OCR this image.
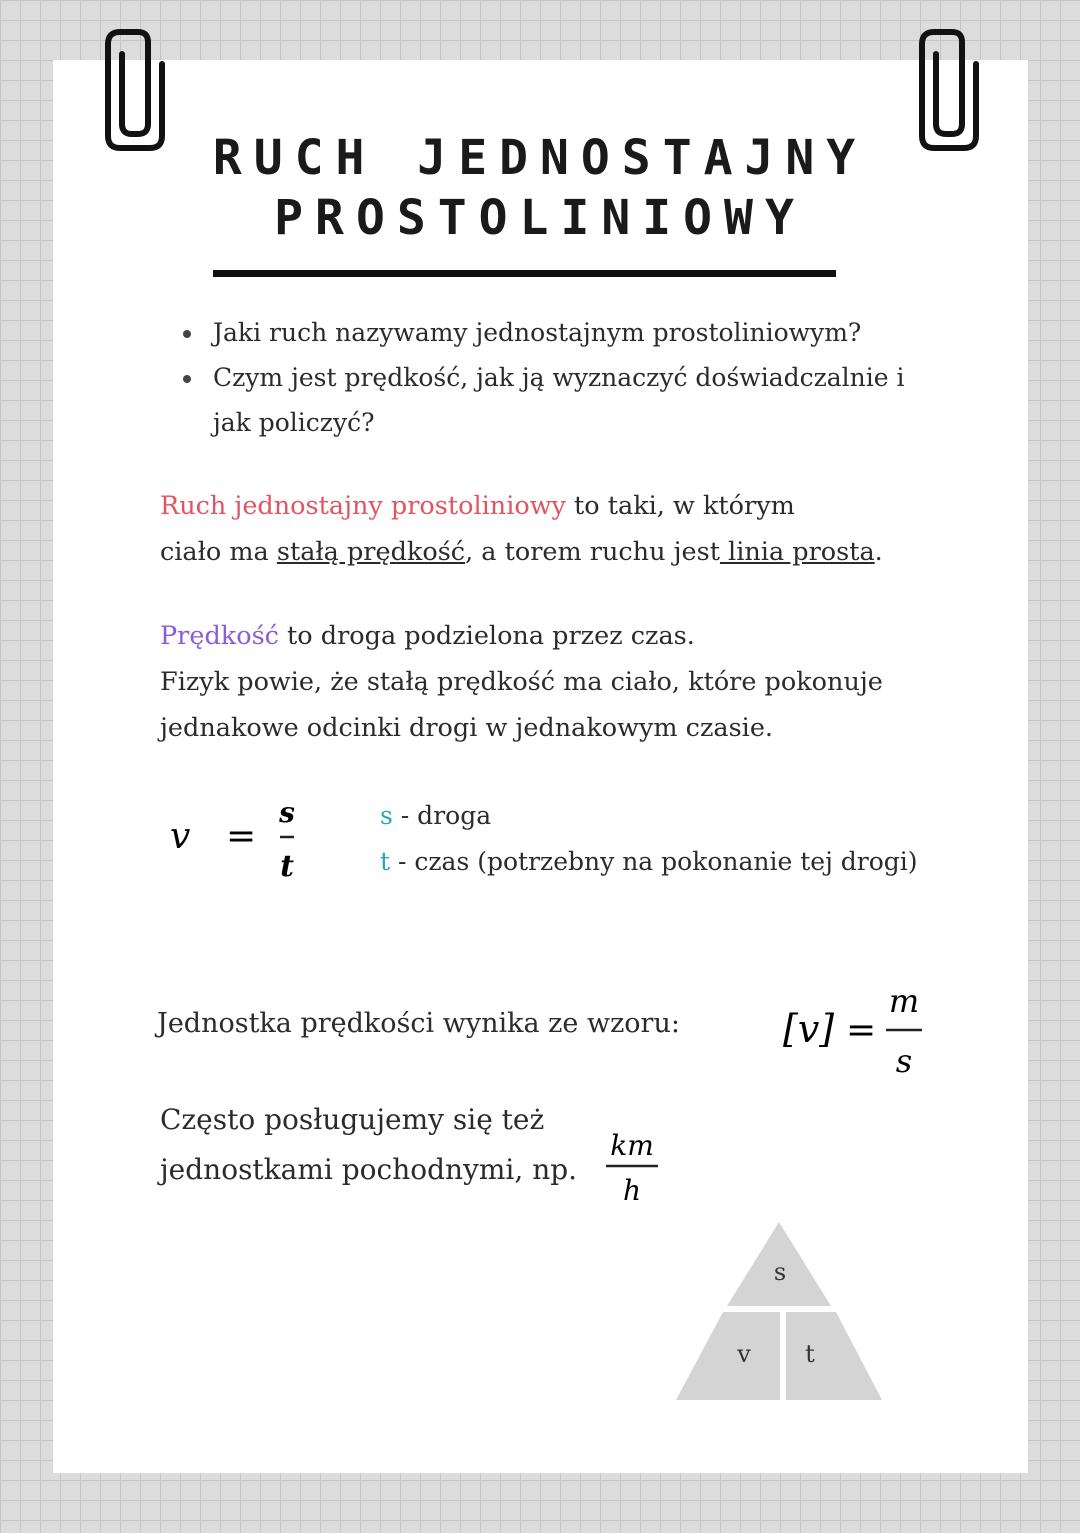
RUCH JEDNOSTAJNY
PROSTOLINIOWY
Jaki ruch nazywamy jednostajnym prostoliniowym?
Czym jest prędkość, jak ją wyznaczyć doświadczalnie i jak policzyć?

Ruch jednostajny prostoliniowy to taki, w którym
ciało ma stałą prędkość, a torem ruchu jest linia prosta.

Prędkość to droga podzielona przez czas.
Fizyk powie, że stałą prędkość ma ciało, które pokonuje
jednakowe odcinki drogi w jednakowym czasie.

v =
s
t

s - droga
t - czas (potrzebny na pokonanie tej drogi)

Jednostka prędkości wynika ze wzoru:	[v] =
m
s

Często posługujemy się też
jednostkami pochodnymi, np.

km
h
s
v t
